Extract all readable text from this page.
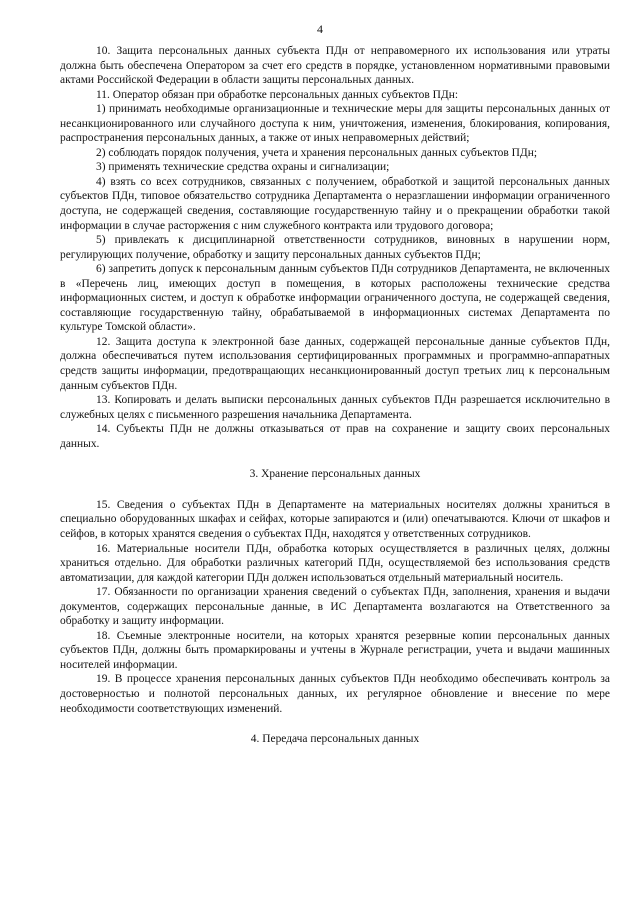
4

10. Защита персональных данных субъекта ПДн от неправомерного их использования или утраты должна быть обеспечена Оператором за счет его средств в порядке, установленном нормативными правовыми актами Российской Федерации в области защиты персональных данных.

11. Оператор обязан при обработке персональных данных субъектов ПДн:

1) принимать необходимые организационные и технические меры для защиты персональных данных от несанкционированного или случайного доступа к ним, уничтожения, изменения, блокирования, копирования, распространения персональных данных, а также от иных неправомерных действий;

2) соблюдать порядок получения, учета и хранения персональных данных субъектов ПДн;

3) применять технические средства охраны и сигнализации;

4) взять со всех сотрудников, связанных с получением, обработкой и защитой персональных данных субъектов ПДн, типовое обязательство сотрудника Департамента о неразглашении информации ограниченного доступа, не содержащей сведения, составляющие государственную тайну и о прекращении обработки такой информации в случае расторжения с ним служебного контракта или трудового договора;

5) привлекать к дисциплинарной ответственности сотрудников, виновных в нарушении норм, регулирующих получение, обработку и защиту персональных данных субъектов ПДн;

6) запретить допуск к персональным данным субъектов ПДн сотрудников Департамента, не включенных в «Перечень лиц, имеющих доступ в помещения, в которых расположены технические средства информационных систем, и доступ к обработке информации ограниченного доступа, не содержащей сведения, составляющие государственную тайну, обрабатываемой в информационных системах Департамента по культуре Томской области».

12. Защита доступа к электронной базе данных, содержащей персональные данные субъектов ПДн, должна обеспечиваться путем использования сертифицированных программных и программно-аппаратных средств защиты информации, предотвращающих несанкционированный доступ третьих лиц к персональным данным субъектов ПДн.

13. Копировать и делать выписки персональных данных субъектов ПДн разрешается исключительно в служебных целях с письменного разрешения начальника Департамента.

14. Субъекты ПДн не должны отказываться от прав на сохранение и защиту своих персональных данных.

3. Хранение персональных данных

15. Сведения о субъектах ПДн в Департаменте на материальных носителях должны храниться в специально оборудованных шкафах и сейфах, которые запираются и (или) опечатываются. Ключи от шкафов и сейфов, в которых хранятся сведения о субъектах ПДн, находятся у ответственных сотрудников.

16. Материальные носители ПДн, обработка которых осуществляется в различных целях, должны храниться отдельно. Для обработки различных категорий ПДн, осуществляемой без использования средств автоматизации, для каждой категории ПДн должен использоваться отдельный материальный носитель.

17. Обязанности по организации хранения сведений о субъектах ПДн, заполнения, хранения и выдачи документов, содержащих персональные данные, в ИС Департамента возлагаются на Ответственного за обработку и защиту информации.

18. Съемные электронные носители, на которых хранятся резервные копии персональных данных субъектов ПДн, должны быть промаркированы и учтены в Журнале регистрации, учета и выдачи машинных носителей информации.

19. В процессе хранения персональных данных субъектов ПДн необходимо обеспечивать контроль за достоверностью и полнотой персональных данных, их регулярное обновление и внесение по мере необходимости соответствующих изменений.

4. Передача персональных данных
